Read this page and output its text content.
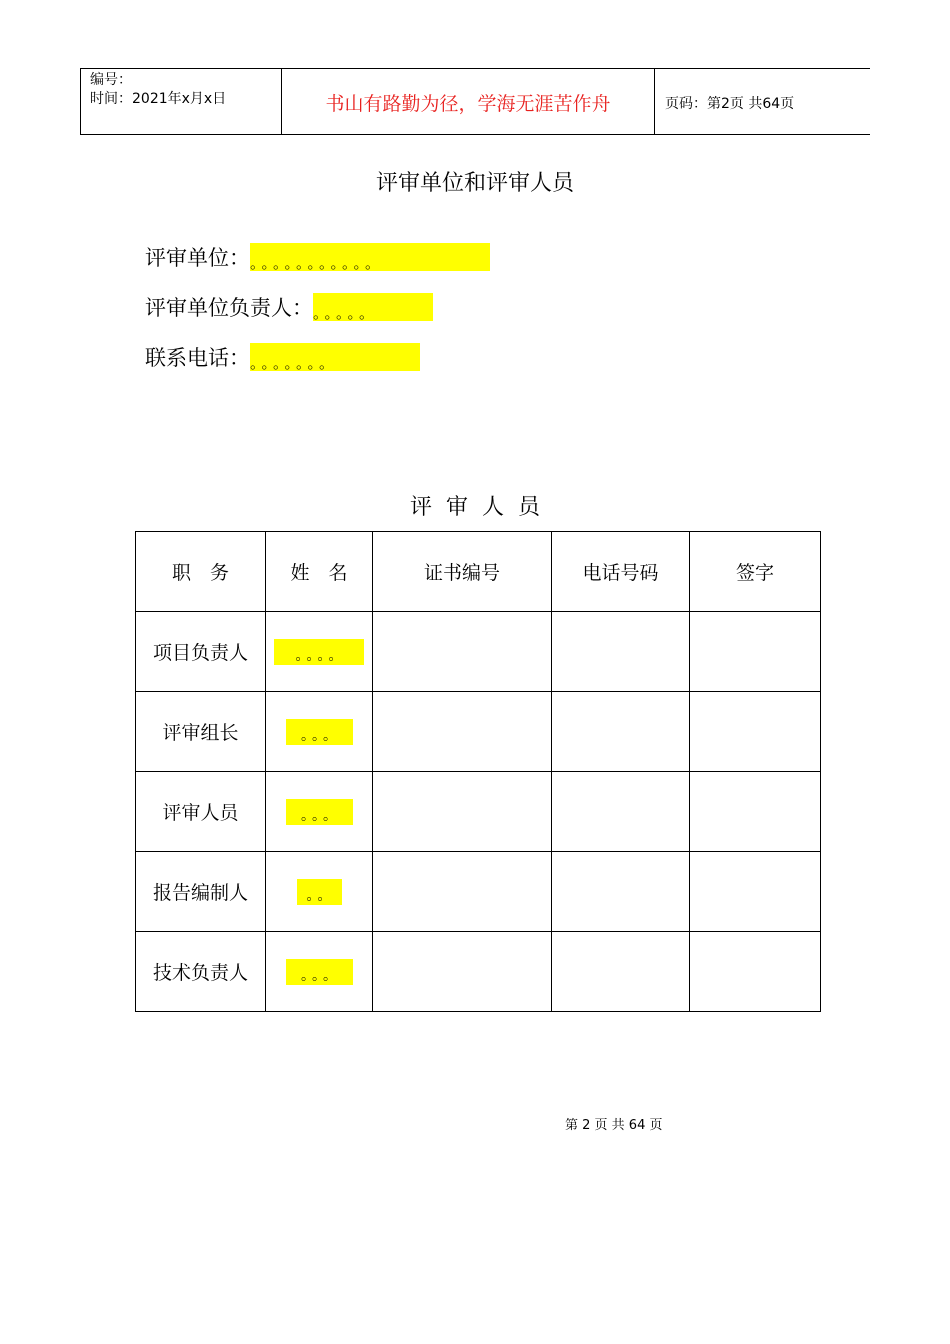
编号：
时间：2021年x月x日	书山有路勤为径，学海无涯苦作舟	页码：第2页 共64页
评审单位和评审人员
评审单位： 。。。。。。。。。。。
评审单位负责人： 。。。。。
联系电话： 。。。。。。。
评审人员
职　务	姓　名	证书编号	电话号码	签字
项目负责人	。。。。			
评审组长	。。。			
评审人员	。。。			
报告编制人	。。			
技术负责人	。。。			
第 2 页 共 64 页
